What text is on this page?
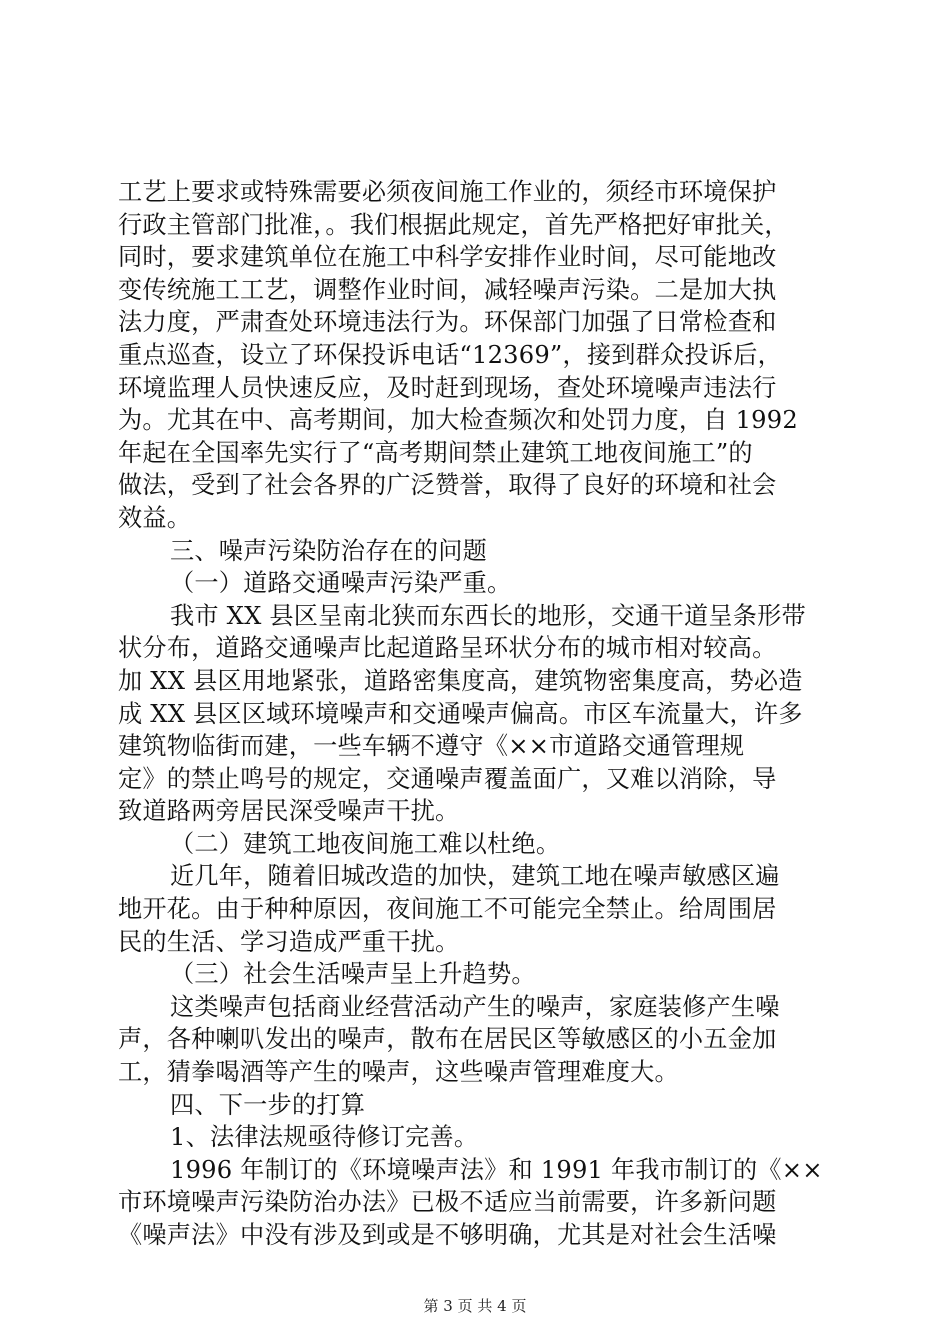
工艺上要求或特殊需要必须夜间施工作业的，须经市环境保护
行政主管部门批准，。我们根据此规定，首先严格把好审批关，
同时，要求建筑单位在施工中科学安排作业时间，尽可能地改
变传统施工工艺，调整作业时间，减轻噪声污染。二是加大执
法力度，严肃查处环境违法行为。环保部门加强了日常检查和
重点巡查，设立了环保投诉电话“12369”，接到群众投诉后，
环境监理人员快速反应，及时赶到现场，查处环境噪声违法行
为。尤其在中、高考期间，加大检查频次和处罚力度，自 1992
年起在全国率先实行了“高考期间禁止建筑工地夜间施工”的
做法，受到了社会各界的广泛赞誉，取得了良好的环境和社会
效益。
三、噪声污染防治存在的问题
（一）道路交通噪声污染严重。
我市 XX 县区呈南北狭而东西长的地形，交通干道呈条形带
状分布，道路交通噪声比起道路呈环状分布的城市相对较高。
加 XX 县区用地紧张，道路密集度高，建筑物密集度高，势必造
成 XX 县区区域环境噪声和交通噪声偏高。市区车流量大，许多
建筑物临街而建，一些车辆不遵守《××市道路交通管理规
定》的禁止鸣号的规定，交通噪声覆盖面广，又难以消除，导
致道路两旁居民深受噪声干扰。
（二）建筑工地夜间施工难以杜绝。
近几年，随着旧城改造的加快，建筑工地在噪声敏感区遍
地开花。由于种种原因，夜间施工不可能完全禁止。给周围居
民的生活、学习造成严重干扰。
（三）社会生活噪声呈上升趋势。
这类噪声包括商业经营活动产生的噪声，家庭装修产生噪
声，各种喇叭发出的噪声，散布在居民区等敏感区的小五金加
工，猜拳喝酒等产生的噪声，这些噪声管理难度大。
四、下一步的打算
1、法律法规亟待修订完善。
1996 年制订的《环境噪声法》和 1991 年我市制订的《××
市环境噪声污染防治办法》已极不适应当前需要，许多新问题
《噪声法》中没有涉及到或是不够明确，尤其是对社会生活噪
第 3 页 共 4 页
